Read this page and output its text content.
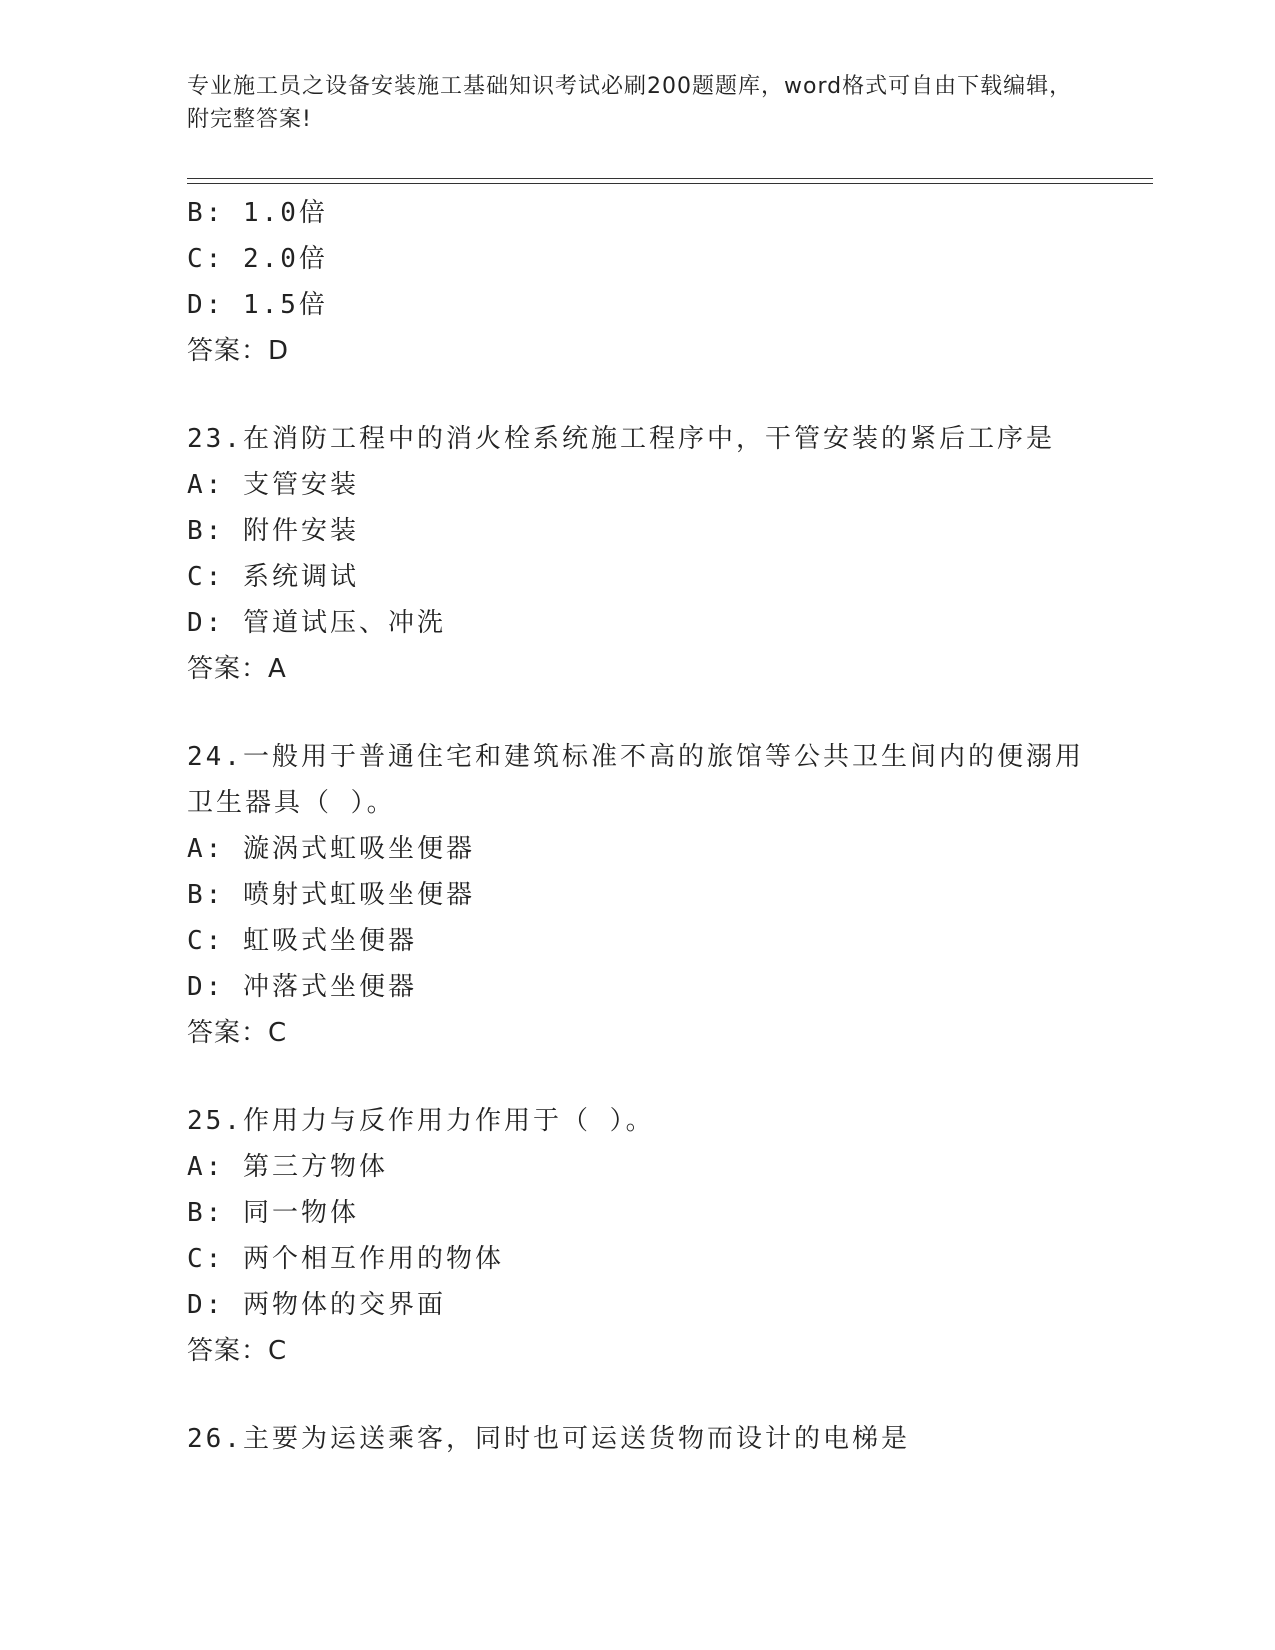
专业施工员之设备安装施工基础知识考试必刷200题题库，word格式可自由下载编辑，附完整答案!
B: 1.0倍
C: 2.0倍
D: 1.5倍
答案：D
23.在消防工程中的消火栓系统施工程序中，干管安装的紧后工序是
A: 支管安装
B: 附件安装
C: 系统调试
D: 管道试压、冲洗
答案：A
24.一般用于普通住宅和建筑标准不高的旅馆等公共卫生间内的便溺用
卫生器具（ ）。
A: 漩涡式虹吸坐便器
B: 喷射式虹吸坐便器
C: 虹吸式坐便器
D: 冲落式坐便器
答案：C
25.作用力与反作用力作用于（ ）。
A: 第三方物体
B: 同一物体
C: 两个相互作用的物体
D: 两物体的交界面
答案：C
26.主要为运送乘客，同时也可运送货物而设计的电梯是
